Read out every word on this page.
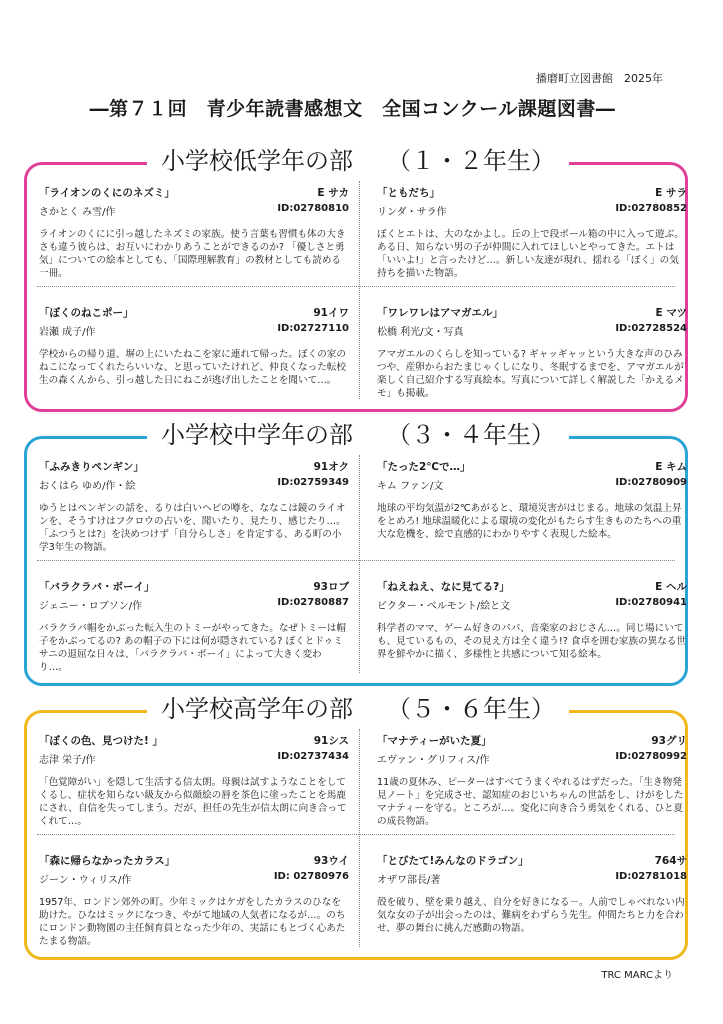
播磨町立図書館　2025年
―第７１回　青少年読書感想文　全国コンクール課題図書―
小学校低学年の部 （１・２年生）
「ライオンのくにのネズミ」	E サカ
さかとく み雪/作	ID:02780810
ライオンのくにに引っ越したネズミの家族。使う言葉も習慣も体の大きさも違う彼らは、お互いにわかりあうことができるのか? 「優しさと勇気」についての絵本としても、「国際理解教育」の教材としても読める一冊。
「ともだち」	E サラ
リンダ・サラ作	ID:02780852
ぼくとエトは、大のなかよし。丘の上で段ボール箱の中に入って遊ぶ。ある日、知らない男の子が仲間に入れてほしいとやってきた。エトは「いいよ!」と言ったけど…。新しい友達が現れ、揺れる「ぼく」の気持ちを描いた物語。
「ぼくのねこポー」	91イワ
岩瀬 成子/作	ID:02727110
学校からの帰り道、塀の上にいたねこを家に連れて帰った。ぼくの家のねこになってくれたらいいな、と思っていたけれど、仲良くなった転校生の森くんから、引っ越した日にねこが逃げ出したことを聞いて…。
「ワレワレはアマガエル」	E マツ
松橋 利光/文・写真	ID:02728524
アマガエルのくらしを知っている? ギャッギャッという大きな声のひみつや、産卵からおたまじゃくしになり、冬眠するまでを、アマガエルが楽しく自己紹介する写真絵本。写真について詳しく解説した「かえるメモ」も掲載。
小学校中学年の部 （３・４年生）
「ふみきりペンギン」	91オク
おくはら ゆめ/作・絵	ID:02759349
ゆうとはペンギンの話を、るりは白いヘビの噂を、ななこは鏡のライオンを、そうすけはフクロウの占いを、聞いたり、見たり、感じたり…。「ふつうとは?」を決めつけず「自分らしさ」を肯定する、ある町の小学3年生の物語。
「たった2℃で…」	E キム
キム ファン/文	ID:02780909
地球の平均気温が2℃あがると、環境災害がはじまる。地球の気温上昇をとめろ! 地球温暖化による環境の変化がもたらす生きものたちへの重大な危機を、絵で直感的にわかりやすく表現した絵本。
「バラクラバ・ボーイ」	93ロブ
ジェニー・ロブソン/作	ID:02780887
バラクラバ帽をかぶった転入生のトミーがやってきた。なぜトミーは帽子をかぶってるの? あの帽子の下には何が隠されている? ぼくとドゥミサニの退屈な日々は、「バラクラバ・ボーイ」によって大きく変わり…。
「ねえねえ、なに見てる?」	E ヘル
ビクター・ベルモント/絵と文	ID:02780941
科学者のママ、ゲーム好きのパパ、音楽家のおじさん…。同じ場にいても、見ているもの、その見え方は全く違う!? 食卓を囲む家族の異なる世界を鮮やかに描く、多様性と共感について知る絵本。
小学校高学年の部 （５・６年生）
「ぼくの色、見つけた! 」	91シス
志津 栄子/作	ID:02737434
「色覚障がい」を隠して生活する信太朗。母親は試すようなことをしてくるし、症状を知らない級友から似顔絵の唇を茶色に塗ったことを馬鹿にされ、自信を失ってしまう。だが、担任の先生が信太朗に向き合ってくれて…。
「マナティーがいた夏」	93グリ
エヴァン・グリフィス/作	ID:02780992
11歳の夏休み、ピーターはすべてうまくやれるはずだった。「生き物発見ノート」を完成させ、認知症のおじいちゃんの世話をし、けがをしたマナティーを守る。ところが…。変化に向き合う勇気をくれる、ひと夏の成長物語。
「森に帰らなかったカラス」	93ウイ
ジーン・ウィリス/作	ID: 02780976
1957年、ロンドン郊外の町。少年ミックはケガをしたカラスのひなを助けた。ひなはミックになつき、やがて地域の人気者になるが…。のちにロンドン動物園の主任飼育員となった少年の、実話にもとづく心あたたまる物語。
「とびたて!みんなのドラゴン」	764サ
オザワ部長/著	ID:02781018
殻を破り、壁を乗り越え、自分を好きになる－。人前でしゃべれない内気な女の子が出会ったのは、難病をわずらう先生。仲間たちと力を合わせ、夢の舞台に挑んだ感動の物語。
TRC MARCより
